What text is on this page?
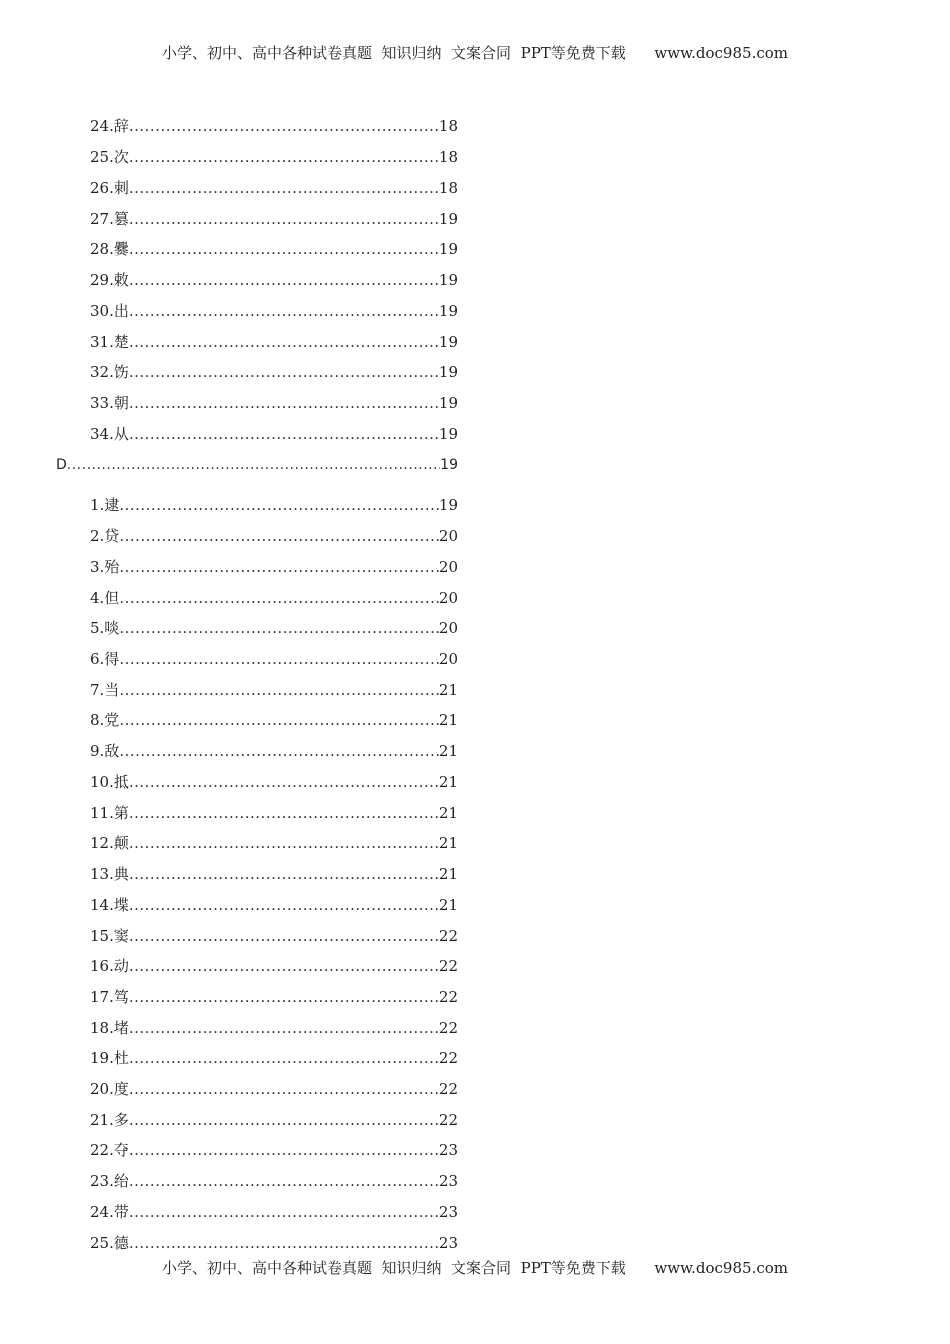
小学、初中、高中各种试卷真题  知识归纳  文案合同  PPT等免费下载      www.doc985.com
24.辞 .....	18
25.次 .....	18
26.刺 .....	18
27.篡 .....	19
28.爨 .....	19
29.敕 .....	19
30.出 .....	19
31.楚 .....	19
32.饬 .....	19
33.朝 .....	19
34.从 .....	19
D .....	19
1.逮 .....	19
2.贷 .....	20
3.殆 .....	20
4.但 .....	20
5.啖 .....	20
6.得 .....	20
7.当 .....	21
8.党 .....	21
9.敌 .....	21
10.抵 .....	21
11.第 .....	21
12.颠 .....	21
13.典 .....	21
14.堞 .....	21
15.窦 .....	22
16.动 .....	22
17.笃 .....	22
18.堵 .....	22
19.杜 .....	22
20.度 .....	22
21.多 .....	22
22.夺 .....	23
23.绐 .....	23
24.带 .....	23
25.德 .....	23
小学、初中、高中各种试卷真题  知识归纳  文案合同  PPT等免费下载      www.doc985.com
